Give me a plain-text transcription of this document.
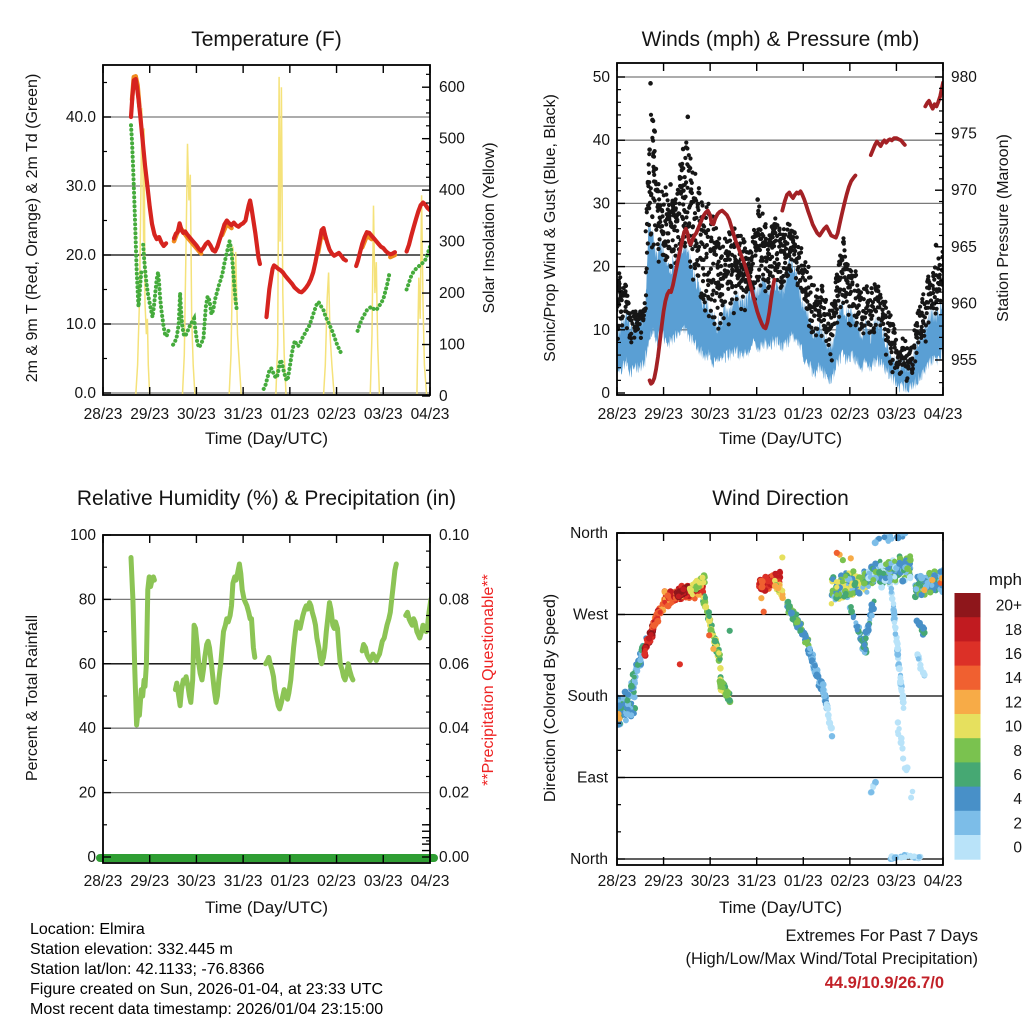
40.0
30.0
20.0
10.0
0.0
600
500
400
300
200
100
0
28/23 29/23 30/23 31/23 01/23 02/23 03/23 04/23
50
40
30
20
10
0
980
975
970
965
960
955
28/23 29/23 30/23 31/23 01/23 02/23 03/23 04/23
100
80
60
40
20
0
0.10
0.08
0.06
0.04
0.02
0.00
28/23 29/23 30/23 31/23 01/23 02/23 03/23 04/23
North
West
South
East
North
28/23 29/23 30/23 31/23 01/23 02/23 03/23 04/23
20+
18
16
14
12
10
8
6
4
2
0
Temperature (F)	Winds (mph) & Pressure (mb)
Relative Humidity (%) & Precipitation (in)	Wind Direction
Time (Day/UTC)	Time (Day/UTC)
Time (Day/UTC)	Time (Day/UTC)
2m & 9m T (Red, Orange) & 2m Td (Green)	Solar Insolation (Yellow)	Sonic/Prop Wind & Gust (Blue, Black)	Station Pressure (Maroon)
Percent & Total Rainfall	**Precipitation Questionable**	Direction (Colored By Speed)
mph
Location: Elmira
Station elevation: 332.445 m
Station lat/lon: 42.1133; -76.8366
Figure created on Sun, 2026-01-04, at 23:33 UTC
Most recent data timestamp: 2026/01/04 23:15:00
Extremes For Past 7 Days
(High/Low/Max Wind/Total Precipitation)
44.9/10.9/26.7/0
